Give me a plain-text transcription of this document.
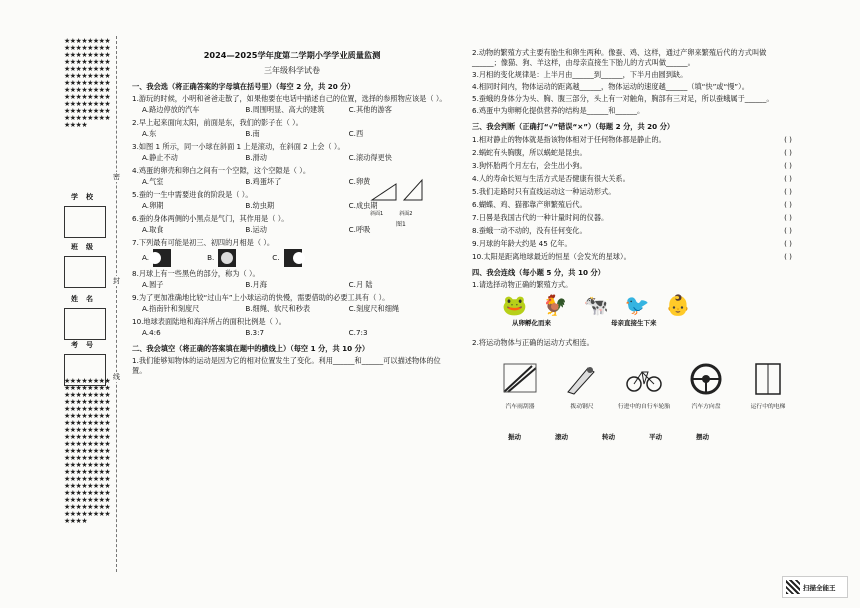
★★★★★★★★★★★★★★★★★★★★★★★★★★★★★★★★★★★★★★★★★★★★★★★★★★★★★★★★★★★★★★★★★★★★★★★★★★★★★★★★★★★★★★★★★★★★★★★★★★★★
学校
班级
姓名
考号
★★★★★★★★★★★★★★★★★★★★★★★★★★★★★★★★★★★★★★★★★★★★★★★★★★★★★★★★★★★★★★★★★★★★★★★★★★★★★★★★★★★★★★★★★★★★★★★★★★★★★★★★★★★★★★★★★★★★★★★★★★★★★★★★★★★★★★★★★★★★★★★★★★★★★★★★★★★★★★★★★★★★
密
封
线
2024—2025学年度第二学期小学学业质量监测
三年级科学试卷
一、我会选（将正确答案的字母填在括号里）（每空 2 分，共 20 分）
1.游玩的时候，小明和爸爸走散了，如果他要在电话中描述自己的位置，选择的参照物应该是（ ）。
A.路边停放的汽车	B.周围明显、高大的建筑	C.其他的游客
2.早上起来面向太阳，前面是东，我们的影子在（ ）。
A.东	B.南	C.西
3.如图 1 所示，同一小球在斜面 1 上是滚动，在斜面 2 上会（ ）。
A.静止不动	B.滑动	C.滚动得更快
4.鸡蛋的卵壳和卵白之间有一个空隙，这个空隙是（ ）。
A.气室	B.鸡蛋坏了	C.卵黄
5.蚕的一生中需要进食的阶段是（ ）。
A.卵期	B.幼虫期	C.成虫期
6.蚕的身体两侧的小黑点是气门，其作用是（ ）。
A.取食	B.运动	C.呼吸
7.下列最有可能是初三、初四的月相是（ ）。
A.	B.	C.
8.月球上有一些黑色的部分，称为（ ）。
A.圆子	B.月海	C.月 陆
9.为了更加准确地比较“过山车”上小球运动的快慢，需要借助的必要工具有（ ）。
A.指南针和刻度尺	B.细绳、软尺和秒表	C.刻度尺和细绳
10.地球表面陆地和海洋所占的面积比例是（ ）。
A.4:6	B.3:7	C.7:3
二、我会填空（将正确的答案填在题中的横线上）（每空 1 分，共 10 分）
1.我们能够知物体的运动是因为它的相对位置发生了变化。利用______和______可以描述物体的位置。
斜面1	斜面2
图1
2.动物的繁殖方式主要有胎生和卵生两种。像蚕、鸡、这样，通过产卵来繁殖后代的方式叫做______；像猫、狗、羊这样，由母亲直接生下胎儿的方式叫做______。
3.月相的变化规律是：上半月由______到______，下半月由圆到缺。
4.相同时间内，物体运动的距离越______，物体运动的速度越______（填“快”或“慢”）。
5.蚕蛾的身体分为头、胸、腹三部分，头上有一对触角，胸部有三对足，所以蚕蛾属于______。
6.鸡蛋中为卵孵化提供营养的结构是______和______。
三、我会判断（正确打“√”错误“×”）（每题 2 分，共 20 分）
1.相对静止的物体就是指该物体相对于任何物体都是静止的。	( )
2.蜗蛇有头胸腹，所以蜗蛇是昆虫。	( )
3.狗怀胎两个月左右，会生出小狗。	( )
4.人的寿命长短与生活方式是否健康有很大关系。	( )
5.我们走路时只有直线运动这一种运动形式。	( )
6.蝴蝶、鸡、猫都靠产卵繁殖后代。	( )
7.日晷是我国古代的一种计量时间的仪器。	( )
8.蚕蛾一动不动的，没有任何变化。	( )
9.月球的年龄大约是 45 亿年。	( )
10.太阳是距离地球最近的恒星（会发光的星球）。	( )
四、我会连线（每小题 5 分，共 10 分）
1.请选择动物正确的繁殖方式。
🐸 🐓 🐄 🐦 👶
从卵孵化而来	母亲直接生下来
2.将运动物体与正确的运动方式相连。
汽车雨刮器	拨动钢尺	行进中的自行车轮胎	汽车方向盘	运行中的电梯
振动	滚动	转动	平动	摆动
扫描全能王
